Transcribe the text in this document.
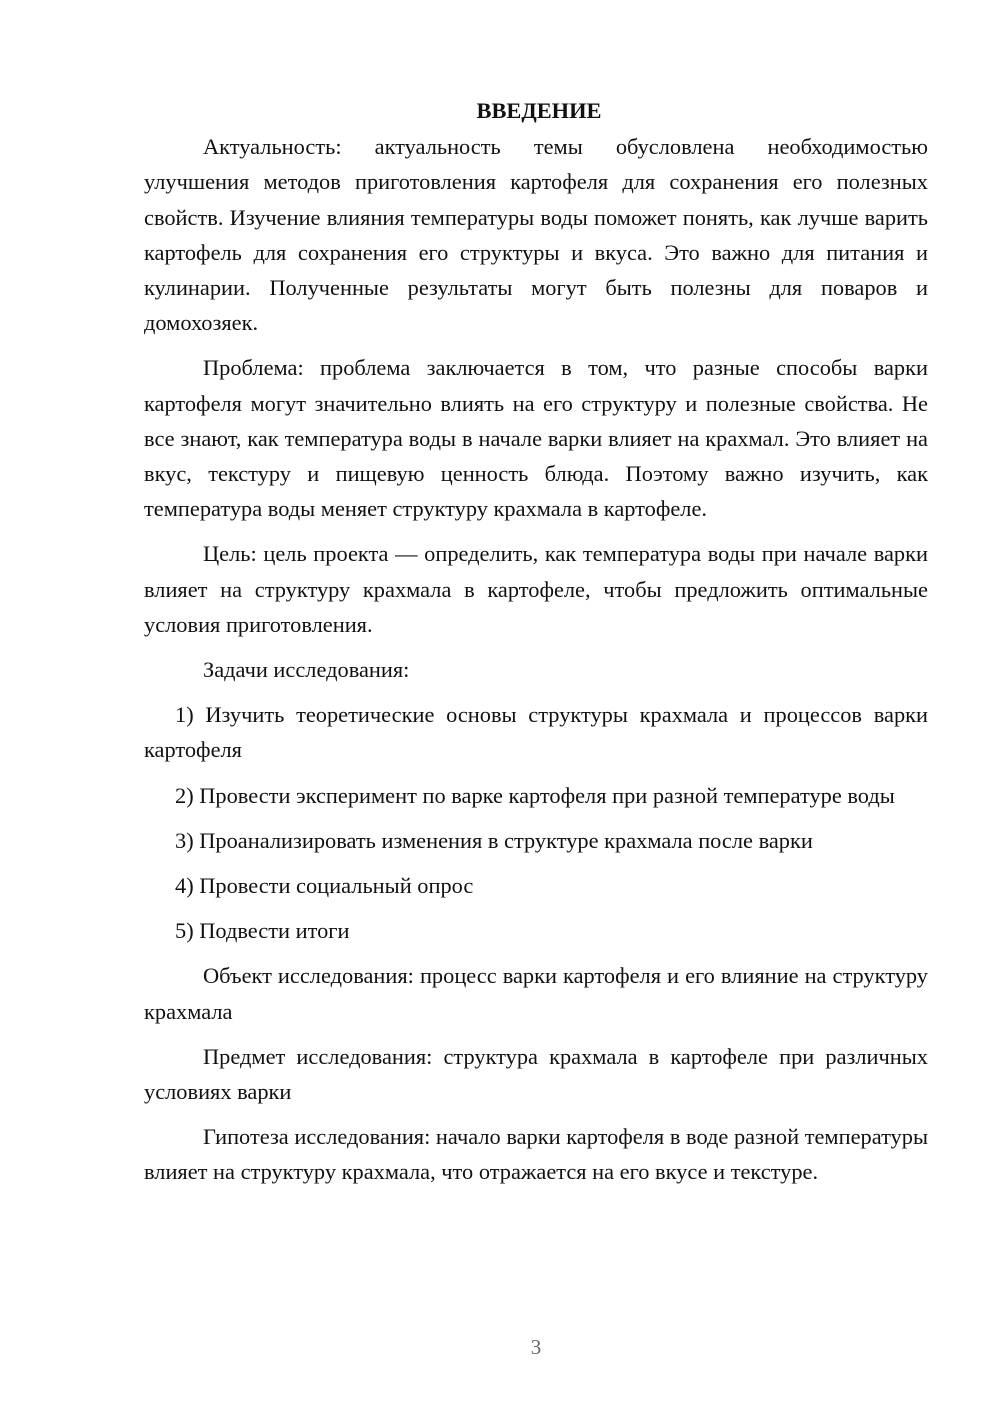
ВВЕДЕНИЕ

Актуальность: актуальность темы обусловлена необходимостью улучшения методов приготовления картофеля для сохранения его полезных свойств. Изучение влияния температуры воды поможет понять, как лучше варить картофель для сохранения его структуры и вкуса. Это важно для питания и кулинарии. Полученные результаты могут быть полезны для поваров и домохозяек.

Проблема: проблема заключается в том, что разные способы варки картофеля могут значительно влиять на его структуру и полезные свойства. Не все знают, как температура воды в начале варки влияет на крахмал. Это влияет на вкус, текстуру и пищевую ценность блюда. Поэтому важно изучить, как температура воды меняет структуру крахмала в картофеле.

Цель: цель проекта — определить, как температура воды при начале варки влияет на структуру крахмала в картофеле, чтобы предложить оптимальные условия приготовления.

Задачи исследования:

1) Изучить теоретические основы структуры крахмала и процессов варки картофеля

2) Провести эксперимент по варке картофеля при разной температуре воды

3) Проанализировать изменения в структуре крахмала после варки

4) Провести социальный опрос

5) Подвести итоги

Объект исследования: процесс варки картофеля и его влияние на структуру крахмала

Предмет исследования: структура крахмала в картофеле при различных условиях варки

Гипотеза исследования: начало варки картофеля в воде разной температуры влияет на структуру крахмала, что отражается на его вкусе и текстуре.

3
